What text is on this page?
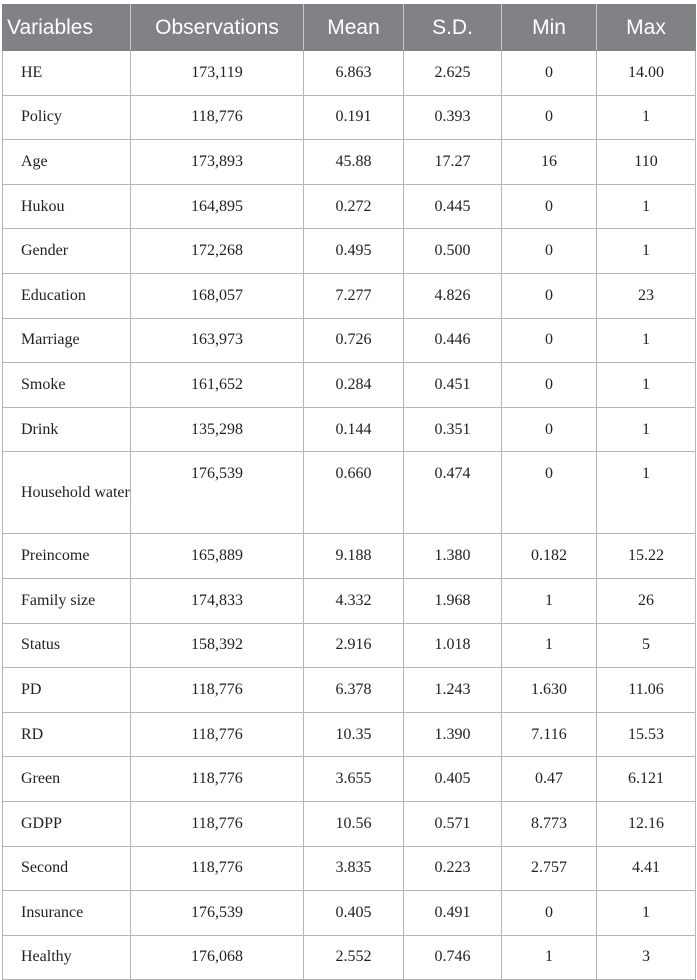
Variables	Observations	Mean	S.D.	Min	Max
HE	173,119	6.863	2.625	0	14.00
Policy	118,776	0.191	0.393	0	1
Age	173,893	45.88	17.27	16	110
Hukou	164,895	0.272	0.445	0	1
Gender	172,268	0.495	0.500	0	1
Education	168,057	7.277	4.826	0	23
Marriage	163,973	0.726	0.446	0	1
Smoke	161,652	0.284	0.451	0	1
Drink	135,298	0.144	0.351	0	1
Household water	176,539	0.660	0.474	0	1
Preincome	165,889	9.188	1.380	0.182	15.22
Family size	174,833	4.332	1.968	1	26
Status	158,392	2.916	1.018	1	5
PD	118,776	6.378	1.243	1.630	11.06
RD	118,776	10.35	1.390	7.116	15.53
Green	118,776	3.655	0.405	0.47	6.121
GDPP	118,776	10.56	0.571	8.773	12.16
Second	118,776	3.835	0.223	2.757	4.41
Insurance	176,539	0.405	0.491	0	1
Healthy	176,068	2.552	0.746	1	3
